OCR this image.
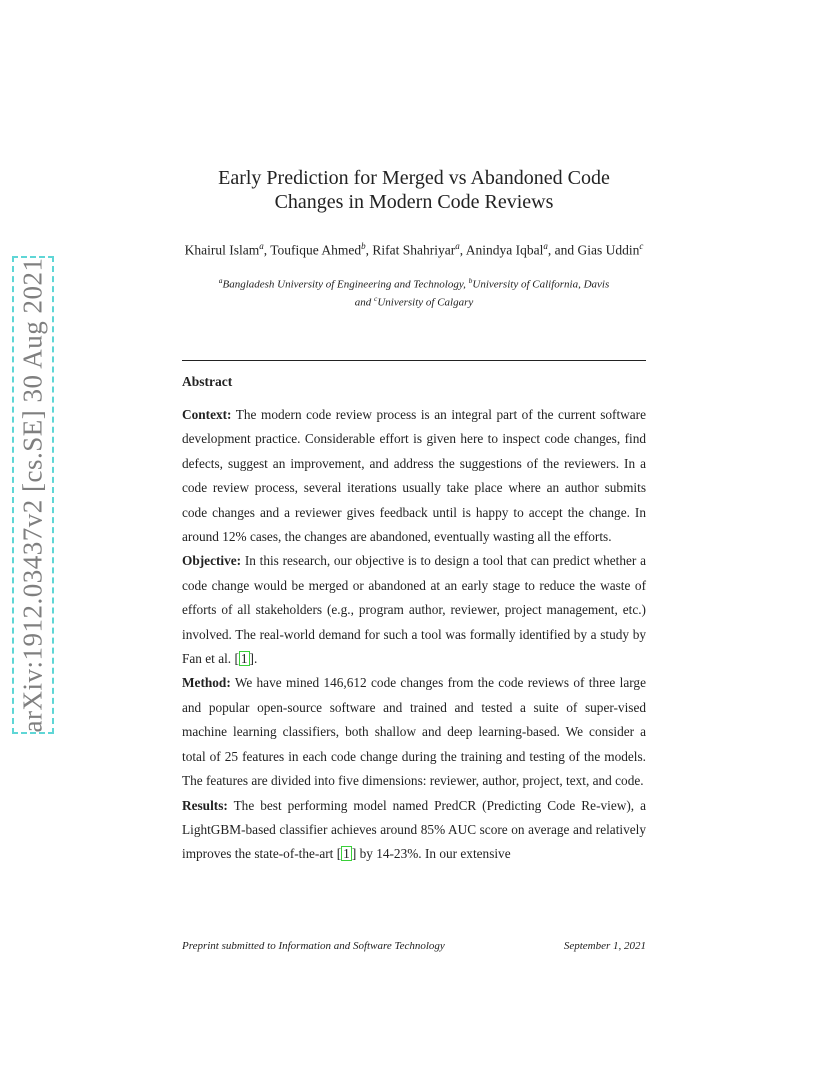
arXiv:1912.03437v2 [cs.SE] 30 Aug 2021
Early Prediction for Merged vs Abandoned Code Changes in Modern Code Reviews
Khairul Islam$^a$, Toufique Ahmed$^b$, Rifat Shahriyar$^a$, Anindya Iqbal$^a$, and Gias Uddin$^c$
$^a$Bangladesh University of Engineering and Technology, $^b$University of California, Davis
and $^c$University of Calgary
Abstract

Context: The modern code review process is an integral part of the current software development practice. Considerable effort is given here to inspect code changes, find defects, suggest an improvement, and address the suggestions of the reviewers. In a code review process, several iterations usually take place where an author submits code changes and a reviewer gives feedback until is happy to accept the change. In around 12% cases, the changes are abandoned, eventually wasting all the efforts.

Objective: In this research, our objective is to design a tool that can predict whether a code change would be merged or abandoned at an early stage to reduce the waste of efforts of all stakeholders (e.g., program author, reviewer, project management, etc.) involved. The real-world demand for such a tool was formally identified by a study by Fan et al. [ 1 ].

Method: We have mined 146,612 code changes from the code reviews of three large and popular open-source software and trained and tested a suite of super-vised machine learning classifiers, both shallow and deep learning-based. We consider a total of 25 features in each code change during the training and testing of the models. The features are divided into five dimensions: reviewer, author, project, text, and code.

Results: The best performing model named PredCR (Predicting Code Re-view), a LightGBM-based classifier achieves around 85% AUC score on average and relatively improves the state-of-the-art [ 1 ] by 14-23%. In our extensive

Preprint submitted to Information and Software Technology	September 1, 2021
